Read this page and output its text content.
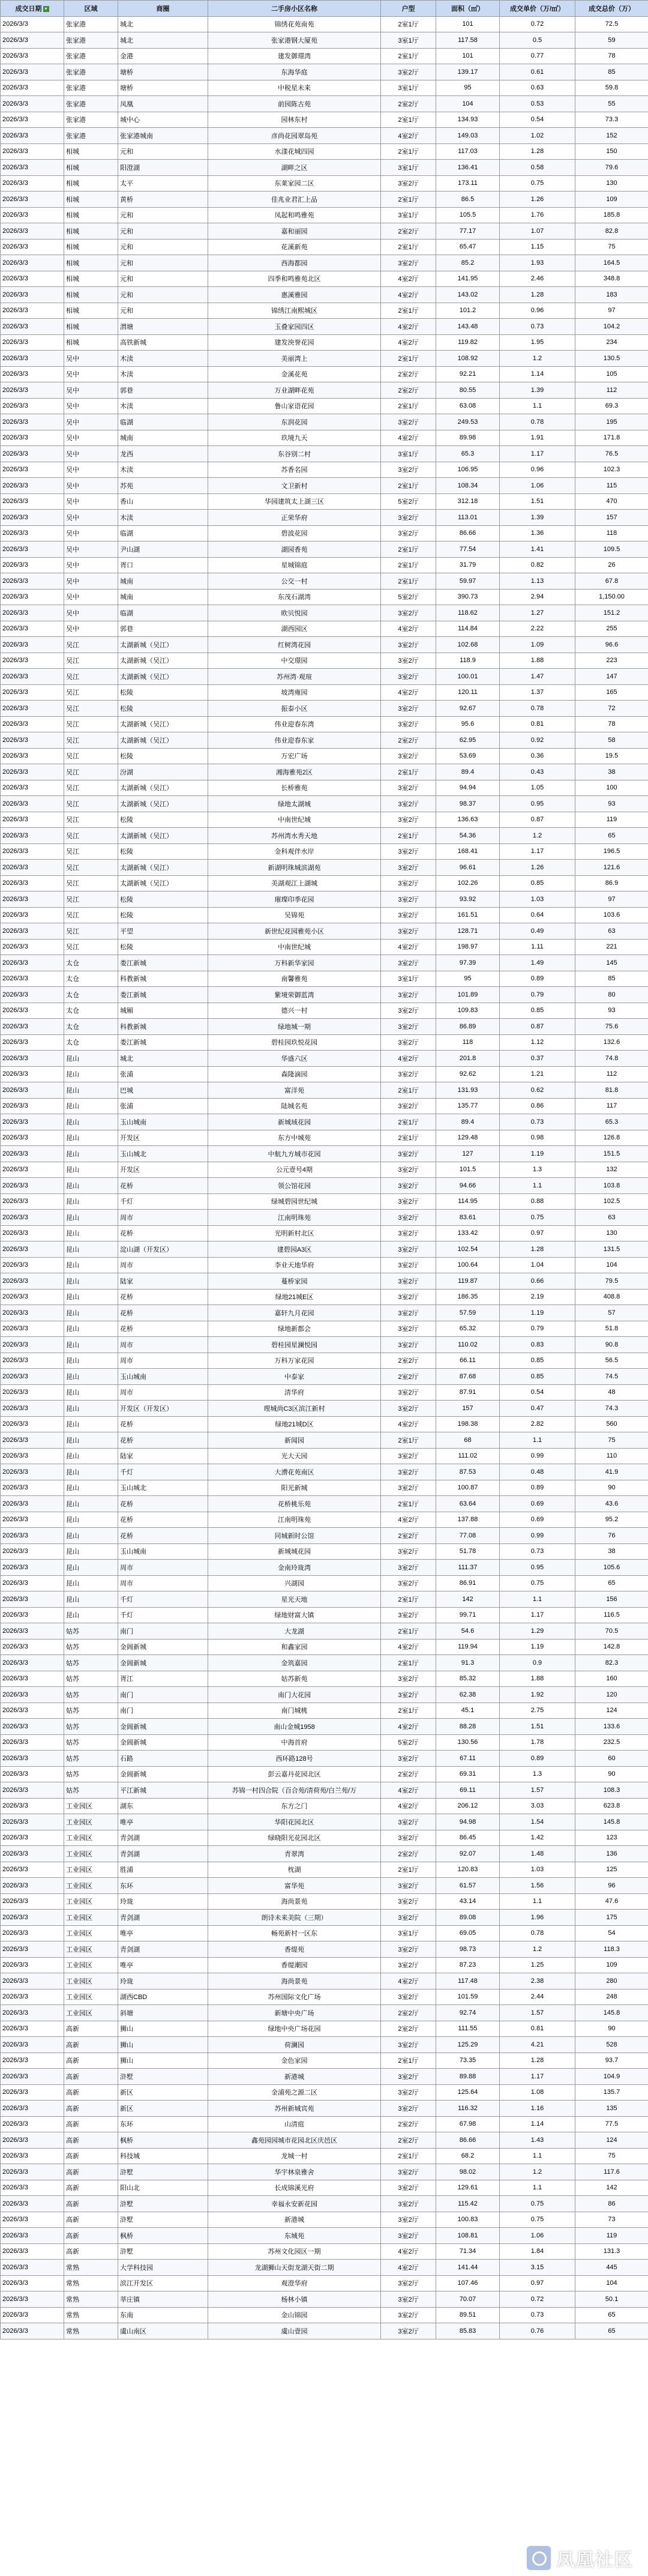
成交日期 ▾	区域	商圈	二手房小区名称	户型	面积（㎡）	成交单价（万/㎡）	成交总价（万）
2026/3/3	张家港	城北	锦绣花苑南苑	2室1厅	101	0.72	72.5
2026/3/3	张家港	城北	张家港钢大厦苑	3室1厅	117.58	0.5	59
2026/3/3	张家港	金港	建发御璟湾	2室1厅	101	0.77	78
2026/3/3	张家港	塘桥	东海华庭	3室2厅	139.17	0.61	85
2026/3/3	张家港	塘桥	中税星未来	3室1厅	95	0.63	59.8
2026/3/3	张家港	凤凰	前园陈古苑	2室2厅	104	0.53	55
2026/3/3	张家港	城中心	园林东村	2室1厅	134.93	0.54	73.3
2026/3/3	张家港	张家港城南	彦尚花园翠岛苑	4室2厅	149.03	1.02	152
2026/3/3	相城	元和	水漾花城四园	2室1厅	117.03	1.28	150
2026/3/3	相城	阳澄湖	湖畔之区	3室1厅	136.41	0.58	79.6
2026/3/3	相城	太平	东莱家园二区	3室2厅	173.11	0.75	130
2026/3/3	相城	黄桥	佳兆业君汇上品	2室1厅	86.5	1.26	109
2026/3/3	相城	元和	凤起和鸣雅苑	3室1厅	105.5	1.76	185.8
2026/3/3	相城	元和	嘉和丽园	2室2厅	77.17	1.07	82.8
2026/3/3	相城	元和	花溪新苑	2室1厅	65.47	1.15	75
2026/3/3	相城	元和	西海都园	3室2厅	85.2	1.93	164.5
2026/3/3	相城	元和	四季和鸣雅苑北区	4室2厅	141.95	2.46	348.8
2026/3/3	相城	元和	惠溪雅园	4室2厅	143.02	1.28	183
2026/3/3	相城	元和	锦绣江南熙城区	2室1厅	101.2	0.96	97
2026/3/3	相城	渭塘	玉叠家园四区	4室2厅	143.48	0.73	104.2
2026/3/3	相城	高铁新城	建发泱誉花园	4室2厅	119.82	1.95	234
2026/3/3	吴中	木渎	美丽湾上	2室1厅	108.92	1.2	130.5
2026/3/3	吴中	木渎	金溪花苑	2室2厅	92.21	1.14	105
2026/3/3	吴中	郭巷	万业湖畔花苑	2室2厅	80.55	1.39	112
2026/3/3	吴中	木渎	鲁山家语花园	2室1厅	63.08	1.1	69.3
2026/3/3	吴中	临湖	东润花园	3室2厅	249.53	0.78	195
2026/3/3	吴中	城南	玖境九天	4室2厅	89.98	1.91	171.8
2026/3/3	吴中	龙西	东谷别二村	3室1厅	65.3	1.17	76.5
2026/3/3	吴中	木渎	苏香名园	3室2厅	106.95	0.96	102.3
2026/3/3	吴中	苏苑	文卫新村	2室1厅	108.34	1.06	115
2026/3/3	吴中	香山	华园建筑太上湖三区	5室2厅	312.18	1.51	470
2026/3/3	吴中	木渎	正荣华府	3室2厅	113.01	1.39	157
2026/3/3	吴中	临湖	碧波花园	3室2厅	86.66	1.36	118
2026/3/3	吴中	尹山湖	湖园香苑	2室1厅	77.54	1.41	109.5
2026/3/3	吴中	胥口	星城锦庭	2室1厅	31.79	0.82	26
2026/3/3	吴中	城南	公交一村	2室1厅	59.97	1.13	67.8
2026/3/3	吴中	城南	东茂石湖湾	5室2厅	390.73	2.94	1,150.00
2026/3/3	吴中	临湖	欧贝悦园	3室2厅	118.62	1.27	151.2
2026/3/3	吴中	郭巷	湖西园区	4室2厅	114.84	2.22	255
2026/3/3	吴江	太湖新城（吴江）	红树湾花园	3室2厅	102.68	1.09	96.6
2026/3/3	吴江	太湖新城（吴江）	中交璟园	3室2厅	118.9	1.88	223
2026/3/3	吴江	太湖新城（吴江）	苏州湾·观瑄	3室2厅	100.01	1.47	147
2026/3/3	吴江	松陵	坡湾雍园	4室2厅	120.11	1.37	165
2026/3/3	吴江	松陵	振泰小区	3室2厅	92.67	0.78	72
2026/3/3	吴江	太湖新城（吴江）	伟业迎春东湾	3室2厅	95.6	0.81	78
2026/3/3	吴江	太湖新城（吴江）	伟业迎春东家	2室2厅	62.95	0.92	58
2026/3/3	吴江	松陵	万宏广场	3室2厅	53.69	0.36	19.5
2026/3/3	吴江	汾湖	湘海雅苑2区	2室1厅	89.4	0.43	38
2026/3/3	吴江	太湖新城（吴江）	长桥雅苑	3室2厅	94.94	1.05	100
2026/3/3	吴江	太湖新城（吴江）	绿地太湖城	3室2厅	98.37	0.95	93
2026/3/3	吴江	松陵	中南世纪城	3室2厅	136.63	0.87	119
2026/3/3	吴江	太湖新城（吴江）	苏州湾水秀天地	2室1厅	54.36	1.2	65
2026/3/3	吴江	松陵	金科观伴水岸	3室2厅	168.41	1.17	196.5
2026/3/3	吴江	太湖新城（吴江）	新湖明珠城滨湖苑	3室2厅	96.61	1.26	121.6
2026/3/3	吴江	太湖新城（吴江）	美湖观江上湖城	3室2厅	102.26	0.85	86.9
2026/3/3	吴江	松陵	璀璨印季花园	3室2厅	93.92	1.03	97
2026/3/3	吴江	松陵	吴锦苑	3室2厅	161.51	0.64	103.6
2026/3/3	吴江	平望	新世纪花园雅苑小区	3室2厅	128.71	0.49	63
2026/3/3	吴江	松陵	中南世纪城	4室2厅	198.97	1.11	221
2026/3/3	太仓	娄江新城	万科新华家园	3室2厅	97.39	1.49	145
2026/3/3	太仓	科教新城	南馨雅苑	3室1厅	95	0.89	85
2026/3/3	太仓	娄江新城	紫境荣御蓝湾	3室2厅	101.89	0.79	80
2026/3/3	太仓	城厢	德兴一村	3室2厅	109.83	0.85	93
2026/3/3	太仓	科教新城	绿地城一期	3室2厅	86.89	0.87	75.6
2026/3/3	太仓	娄江新城	碧桂园玖悦花园	3室2厅	118	1.12	132.6
2026/3/3	昆山	城北	华盛六区	4室2厅	201.8	0.37	74.8
2026/3/3	昆山	张浦	森隆滴园	3室2厅	92.62	1.21	112
2026/3/3	昆山	巴城	富洋苑	2室1厅	131.93	0.62	81.8
2026/3/3	昆山	张浦	陆城名苑	3室2厅	135.77	0.86	117
2026/3/3	昆山	玉山城南	新城域花园	2室1厅	89.4	0.73	65.3
2026/3/3	昆山	开发区	东方中城苑	2室1厅	129.48	0.98	126.8
2026/3/3	昆山	玉山城北	中航九方城市花园	3室2厅	127	1.19	151.5
2026/3/3	昆山	开发区	公元壹号4期	3室2厅	101.5	1.3	132
2026/3/3	昆山	花桥	领公馆花园	3室2厅	94.66	1.1	103.8
2026/3/3	昆山	千灯	绿城碧园世纪城	3室2厅	114.95	0.88	102.5
2026/3/3	昆山	周市	江南明珠苑	3室2厅	83.61	0.75	63
2026/3/3	昆山	花桥	光明新村北区	3室2厅	133.42	0.97	130
2026/3/3	昆山	淀山湖（开发区）	建碧园A3区	3室2厅	102.54	1.28	131.5
2026/3/3	昆山	周市	李业天地华府	3室2厅	100.64	1.04	104
2026/3/3	昆山	陆家	蔓桥家园	3室2厅	119.87	0.66	79.5
2026/3/3	昆山	花桥	绿地21城E区	3室2厅	186.35	2.19	408.8
2026/3/3	昆山	花桥	嘉轩九月花园	3室2厅	57.59	1.19	57
2026/3/3	昆山	花桥	绿地新都会	3室2厅	65.32	0.79	51.8
2026/3/3	昆山	周市	碧桂园星澜悦园	3室2厅	110.02	0.83	90.8
2026/3/3	昆山	周市	万科万家花园	2室2厅	66.11	0.85	56.5
2026/3/3	昆山	玉山城南	中泰家	2室2厅	87.68	0.85	74.5
2026/3/3	昆山	周市	清华府	3室2厅	87.91	0.54	48
2026/3/3	昆山	开发区（开发区）	理城尚C3区滨江新村	3室2厅	157	0.47	74.3
2026/3/3	昆山	花桥	绿地21城D区	4室2厅	198.38	2.82	560
2026/3/3	昆山	花桥	新闻园	2室1厅	68	1.1	75
2026/3/3	昆山	陆家	光大天园	3室2厅	111.02	0.99	110
2026/3/3	昆山	千灯	大漕花苑南区	3室2厅	87.53	0.48	41.9
2026/3/3	昆山	玉山城北	阳光新城	3室2厅	100.87	0.89	90
2026/3/3	昆山	花桥	花桥桃乐苑	2室1厅	63.64	0.69	43.6
2026/3/3	昆山	花桥	江南明珠苑	4室2厅	137.88	0.69	95.2
2026/3/3	昆山	花桥	同城新时公馆	2室2厅	77.08	0.99	76
2026/3/3	昆山	玉山城南	新城城花园	3室2厅	51.78	0.73	38
2026/3/3	昆山	周市	金南玲珑湾	3室2厅	111.37	0.95	105.6
2026/3/3	昆山	周市	兴湖园	3室2厅	86.91	0.75	65
2026/3/3	昆山	千灯	星光天地	2室1厅	142	1.1	156
2026/3/3	昆山	千灯	绿地财富大镇	3室2厅	99.71	1.17	116.5
2026/3/3	姑苏	南门	大龙湖	2室1厅	54.6	1.29	70.5
2026/3/3	姑苏	金阊新城	和鑫家园	4室2厅	119.94	1.19	142.8
2026/3/3	姑苏	金阊新城	金筑嘉园	2室1厅	91.3	0.9	82.3
2026/3/3	姑苏	胥江	姑苏新苑	3室2厅	85.32	1.88	160
2026/3/3	姑苏	南门	南门大花园	3室2厅	62.38	1.92	120
2026/3/3	姑苏	南门	南门城桃	2室1厅	45.1	2.75	124
2026/3/3	姑苏	金阊新城	南山金城1958	4室2厅	88.28	1.51	133.6
2026/3/3	姑苏	金阊新城	中海首府	5室2厅	130.56	1.78	232.5
2026/3/3	姑苏	石路	西环路128号	3室2厅	67.11	0.89	60
2026/3/3	姑苏	金阊新城	彭云嘉丹花园北区	2室2厅	69.31	1.3	90
2026/3/3	姑苏	平江新城	苏锦一村四合院（百合苑/清荷苑/白兰苑/万	4室2厅	69.11	1.57	108.3
2026/3/3	工业园区	湖东	东方之门	4室2厅	206.12	3.03	623.8
2026/3/3	工业园区	唯亭	华阳花园北区	3室2厅	94.98	1.54	145.8
2026/3/3	工业园区	青剑湖	绿晓阳光花园北区	3室2厅	86.45	1.42	123
2026/3/3	工业园区	青剑湖	青翠湾	2室2厅	92.07	1.48	136
2026/3/3	工业园区	胜浦	枕湖	2室1厅	120.83	1.03	125
2026/3/3	工业园区	东环	富华苑	3室2厅	61.57	1.56	96
2026/3/3	工业园区	玲珑	海尚景苑	3室2厅	43.14	1.1	47.6
2026/3/3	工业园区	青剑湖	朗诗未来美院（三期）	3室2厅	89.08	1.96	175
2026/3/3	工业园区	唯亭	畅苑新村一区东	3室1厅	69.05	0.78	54
2026/3/3	工业园区	青剑湖	香缇苑	3室2厅	98.73	1.2	118.3
2026/3/3	工业园区	唯亭	香缇潮园	3室2厅	87.23	1.25	109
2026/3/3	工业园区	玲珑	海尚景苑	4室2厅	117.48	2.38	280
2026/3/3	工业园区	湖西CBD	苏州国际文化广场	3室2厅	101.59	2.44	248
2026/3/3	工业园区	斜塘	新塘中央广场	2室2厅	92.74	1.57	145.8
2026/3/3	高新	狮山	绿地中央广场花园	2室2厅	111.55	0.81	90
2026/3/3	高新	狮山	荷澜园	3室2厅	125.29	4.21	528
2026/3/3	高新	狮山	金色家园	2室1厅	73.35	1.28	93.7
2026/3/3	高新	浒墅	新港城	3室2厅	89.88	1.17	104.9
2026/3/3	高新	新区	金浦苑之源二区	3室2厅	125.64	1.08	135.7
2026/3/3	高新	新区	苏州新城宾苑	3室2厅	116.32	1.16	135
2026/3/3	高新	东环	山清庭	2室2厅	67.98	1.14	77.5
2026/3/3	高新	枫桥	鑫苑园园城市花园北区庆邑区	2室2厅	86.66	1.43	124
2026/3/3	高新	科技城	龙城一村	2室1厅	68.2	1.1	75
2026/3/3	高新	浒墅	华宇林泉雅舍	3室2厅	98.02	1.2	117.6
2026/3/3	高新	阳山北	长成锦溪光府	3室2厅	129.61	1.1	142
2026/3/3	高新	浒墅	幸福永安新花园	3室2厅	115.42	0.75	86
2026/3/3	高新	浒墅	新港城	3室2厅	100.83	0.75	73
2026/3/3	高新	枫桥	东城苑	3室2厅	108.81	1.06	119
2026/3/3	高新	浒墅	苏州文化园区一期	4室2厅	71.34	1.84	131.3
2026/3/3	常熟	大学科技园	龙湖狮山天街龙湖天街二期	4室2厅	141.44	3.15	445
2026/3/3	常熟	滨江开发区	观澄华府	3室2厅	107.46	0.97	104
2026/3/3	常熟	莘庄镇	杨林小镇	3室2厅	70.07	0.72	50.1
2026/3/3	常熟	东南	金山锦园	3室2厅	89.51	0.73	65
2026/3/3	常熟	虞山南区	虞山壹园	3室2厅	85.83	0.76	65
凤凰社区
